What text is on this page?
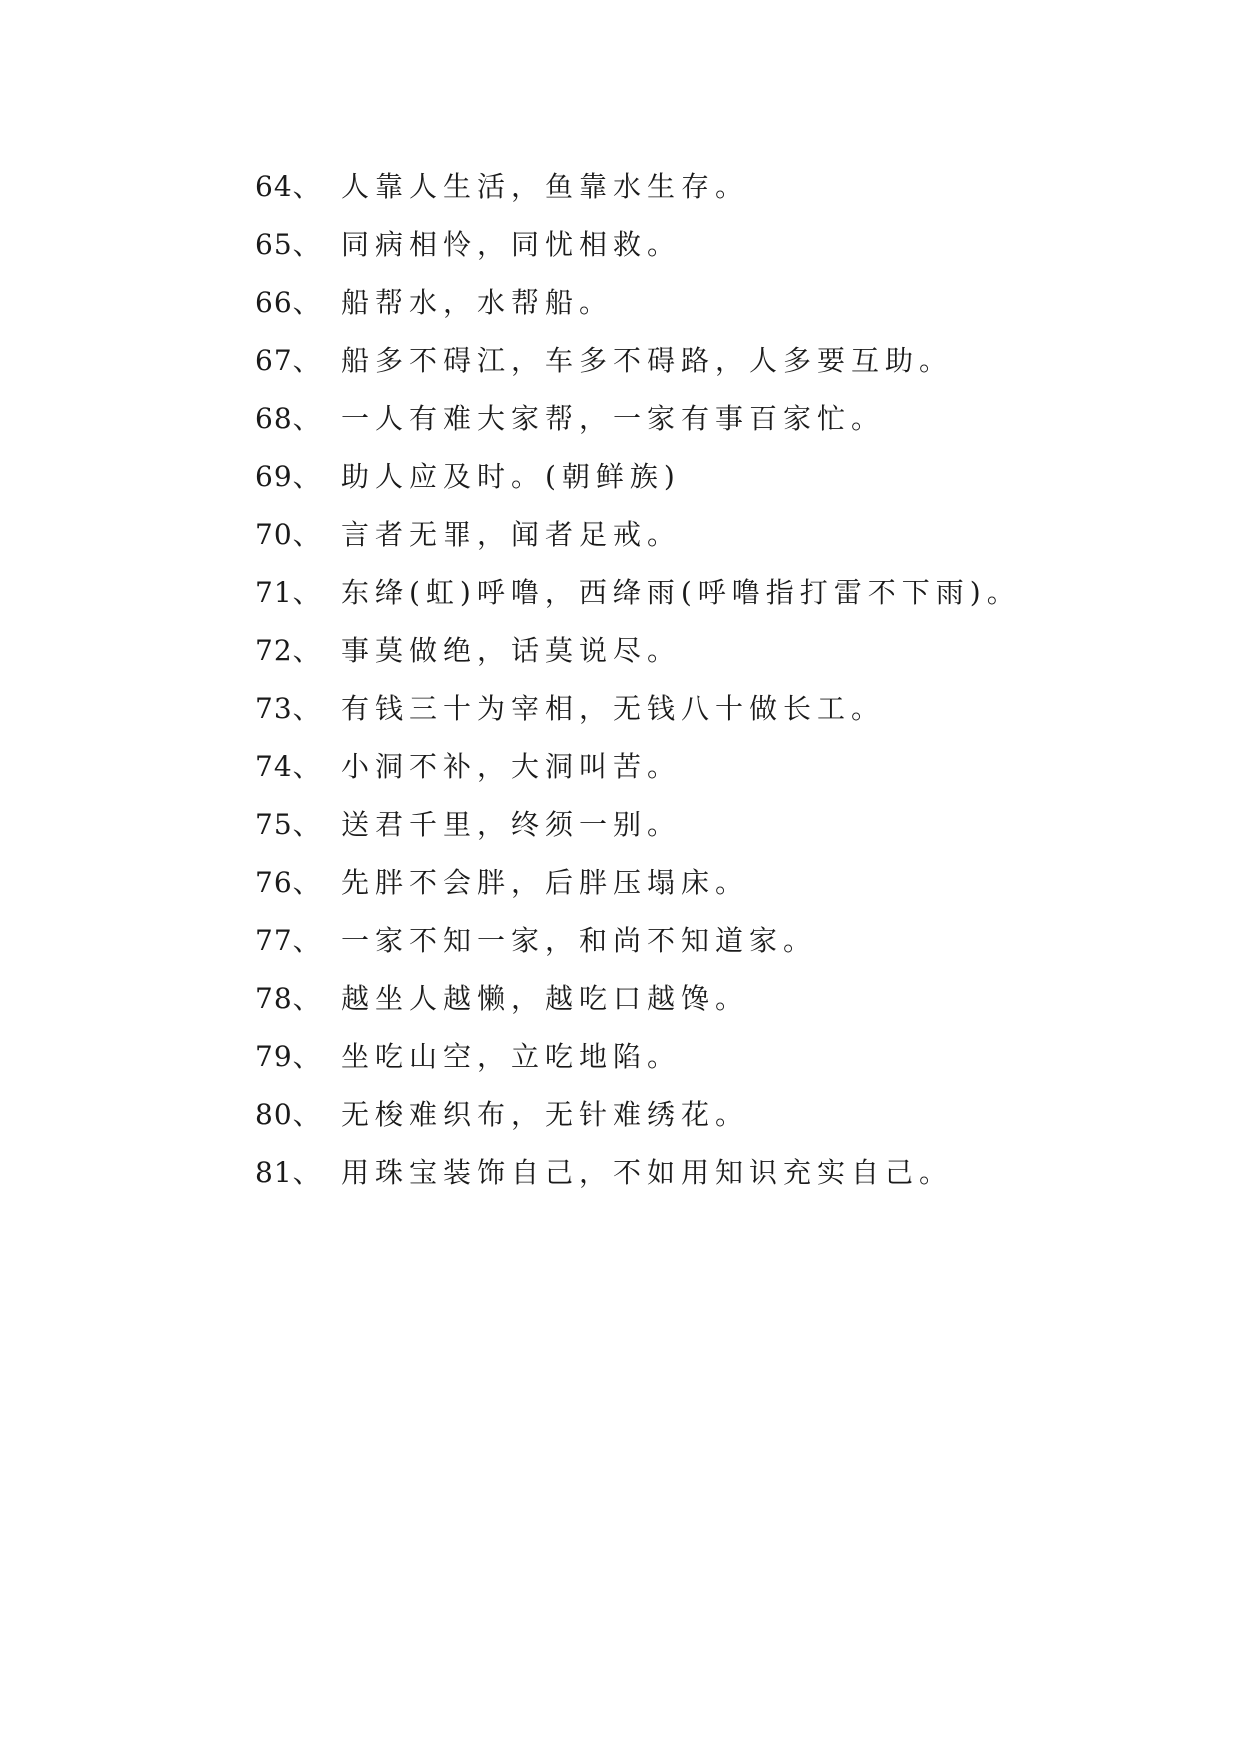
64、 人靠人生活，鱼靠水生存。
65、 同病相怜，同忧相救。
66、 船帮水，水帮船。
67、 船多不碍江，车多不碍路，人多要互助。
68、 一人有难大家帮，一家有事百家忙。
69、 助人应及时。(朝鲜族)
70、 言者无罪，闻者足戒。
71、 东绛(虹)呼噜，西绛雨(呼噜指打雷不下雨)。
72、 事莫做绝，话莫说尽。
73、 有钱三十为宰相，无钱八十做长工。
74、 小洞不补，大洞叫苦。
75、 送君千里，终须一别。
76、 先胖不会胖，后胖压塌床。
77、 一家不知一家，和尚不知道家。
78、 越坐人越懒，越吃口越馋。
79、 坐吃山空，立吃地陷。
80、 无梭难织布，无针难绣花。
81、 用珠宝装饰自己，不如用知识充实自己。
